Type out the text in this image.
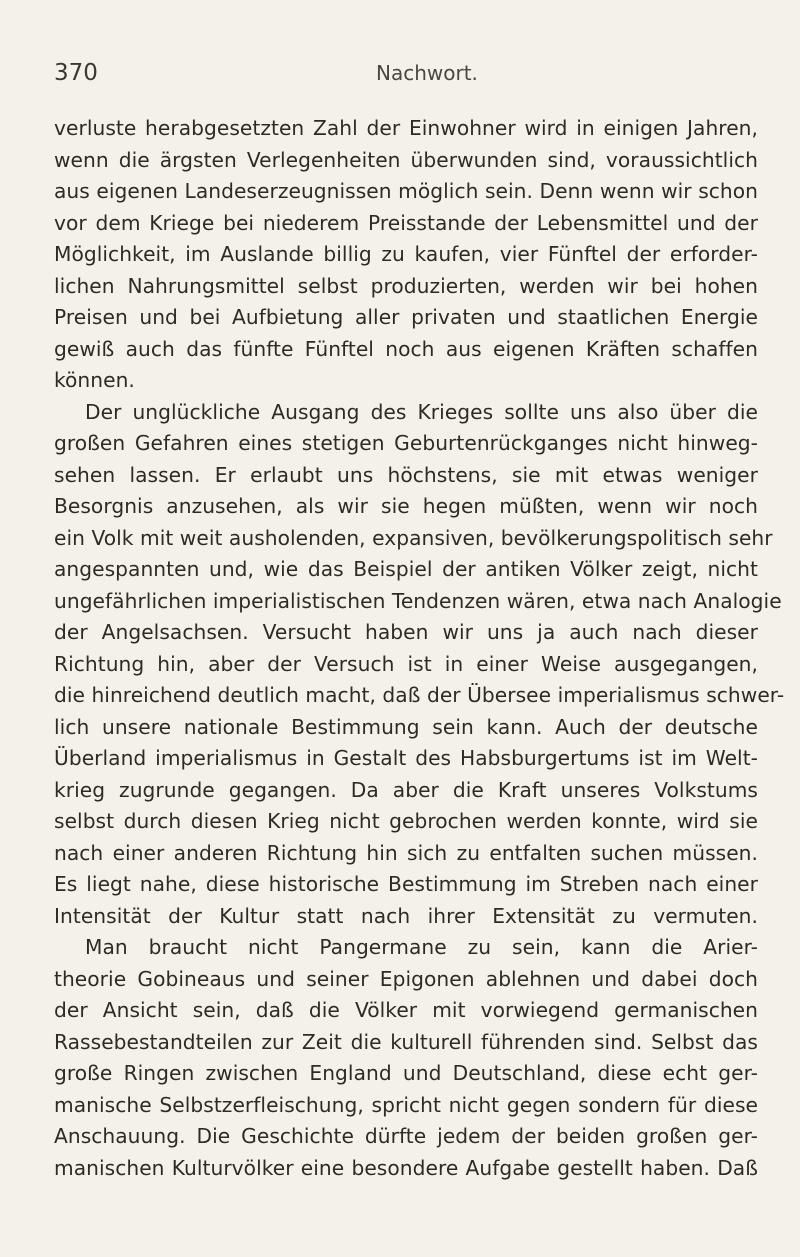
370	Nachwort.
verluste herabgesetzten Zahl der Einwohner wird in einigen Jahren,
wenn die ärgsten Verlegenheiten überwunden sind, voraussichtlich
aus eigenen Landeserzeugnissen möglich sein. Denn wenn wir schon
vor dem Kriege bei niederem Preisstande der Lebensmittel und der
Möglichkeit, im Auslande billig zu kaufen, vier Fünftel der erforder-
lichen Nahrungsmittel selbst produzierten, werden wir bei hohen
Preisen und bei Aufbietung aller privaten und staatlichen Energie
gewiß auch das fünfte Fünftel noch aus eigenen Kräften schaffen
können.
Der unglückliche Ausgang des Krieges sollte uns also über die
großen Gefahren eines stetigen Geburtenrückganges nicht hinweg-
sehen lassen. Er erlaubt uns höchstens, sie mit etwas weniger
Besorgnis anzusehen, als wir sie hegen müßten, wenn wir noch
ein Volk mit weit ausholenden, expansiven, bevölkerungspolitisch sehr
angespannten und, wie das Beispiel der antiken Völker zeigt, nicht
ungefährlichen imperialistischen Tendenzen wären, etwa nach Analogie
der Angelsachsen. Versucht haben wir uns ja auch nach dieser
Richtung hin, aber der Versuch ist in einer Weise ausgegangen,
die hinreichend deutlich macht, daß der Übersee imperialismus schwer-
lich unsere nationale Bestimmung sein kann. Auch der deutsche
Überland imperialismus in Gestalt des Habsburgertums ist im Welt-
krieg zugrunde gegangen. Da aber die Kraft unseres Volkstums
selbst durch diesen Krieg nicht gebrochen werden konnte, wird sie
nach einer anderen Richtung hin sich zu entfalten suchen müssen.
Es liegt nahe, diese historische Bestimmung im Streben nach einer
Intensität der Kultur statt nach ihrer Extensität zu vermuten.
Man braucht nicht Pangermane zu sein, kann die Arier-
theorie Gobineaus und seiner Epigonen ablehnen und dabei doch
der Ansicht sein, daß die Völker mit vorwiegend germanischen
Rassebestandteilen zur Zeit die kulturell führenden sind. Selbst das
große Ringen zwischen England und Deutschland, diese echt ger-
manische Selbstzerfleischung, spricht nicht gegen sondern für diese
Anschauung. Die Geschichte dürfte jedem der beiden großen ger-
manischen Kulturvölker eine besondere Aufgabe gestellt haben. Daß
